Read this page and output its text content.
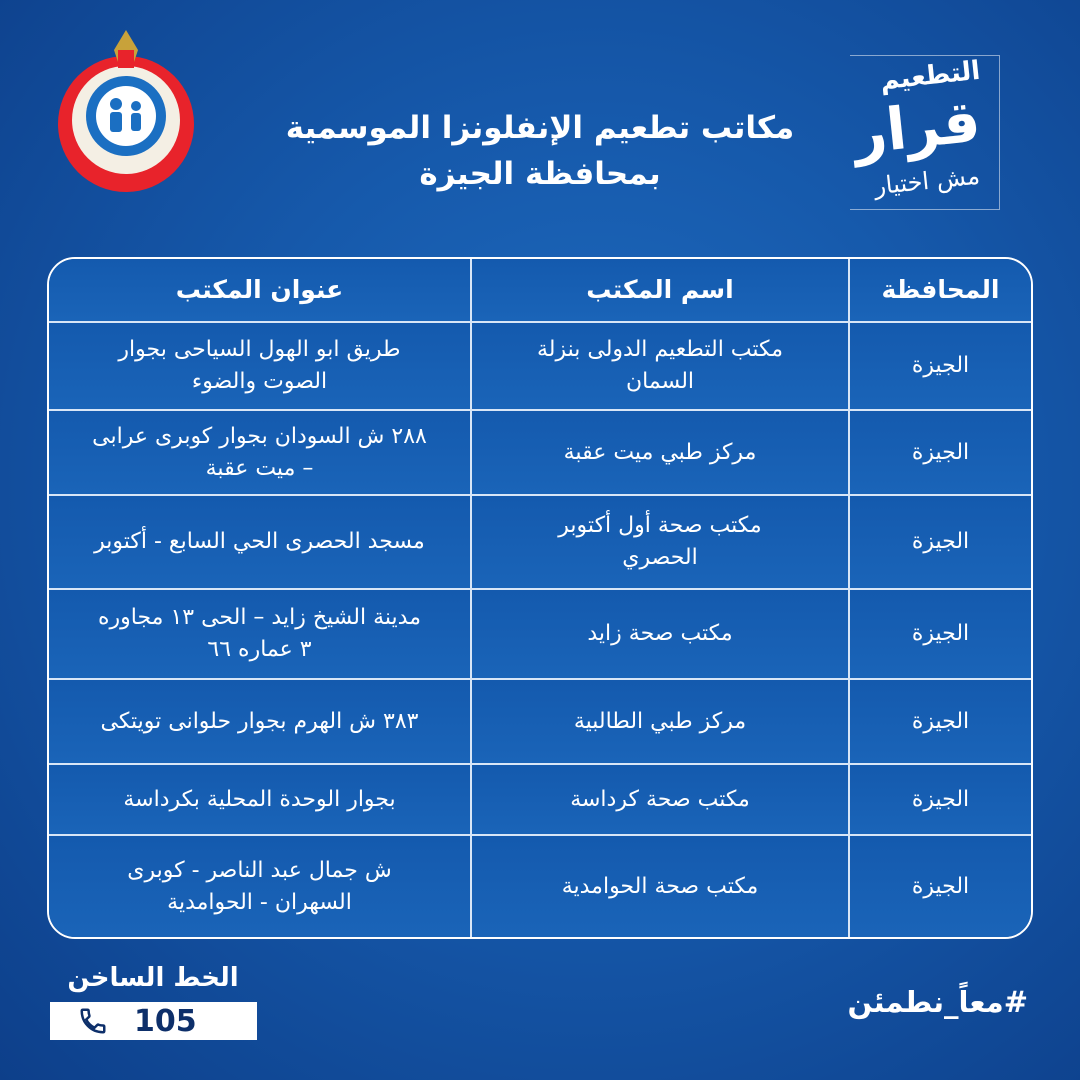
مكاتب تطعيم الإنفلونزا الموسمية
بمحافظة الجيزة
التطعيم
قرار
مش اختيار
المحافظة	اسم المكتب	عنوان المكتب
الجيزة	مكتب التطعيم الدولى بنزلة السمان	طريق ابو الهول السياحى بجوار الصوت والضوء
الجيزة	مركز طبي ميت عقبة	٢٨٨ ش السودان بجوار كوبرى عرابى – ميت عقبة
الجيزة	مكتب صحة أول أكتوبر الحصري	مسجد الحصرى الحي السابع - أكتوبر
الجيزة	مكتب صحة زايد	مدينة الشيخ زايد – الحى ١٣ مجاوره ٣ عماره ٦٦
الجيزة	مركز طبي الطالبية	٣٨٣ ش الهرم بجوار حلوانى تويتكى
الجيزة	مكتب صحة كرداسة	بجوار الوحدة المحلية بكرداسة
الجيزة	مكتب صحة الحوامدية	ش جمال عبد الناصر - كوبرى السهران - الحوامدية
الخط الساخن
105
#معاً_نطمئن
